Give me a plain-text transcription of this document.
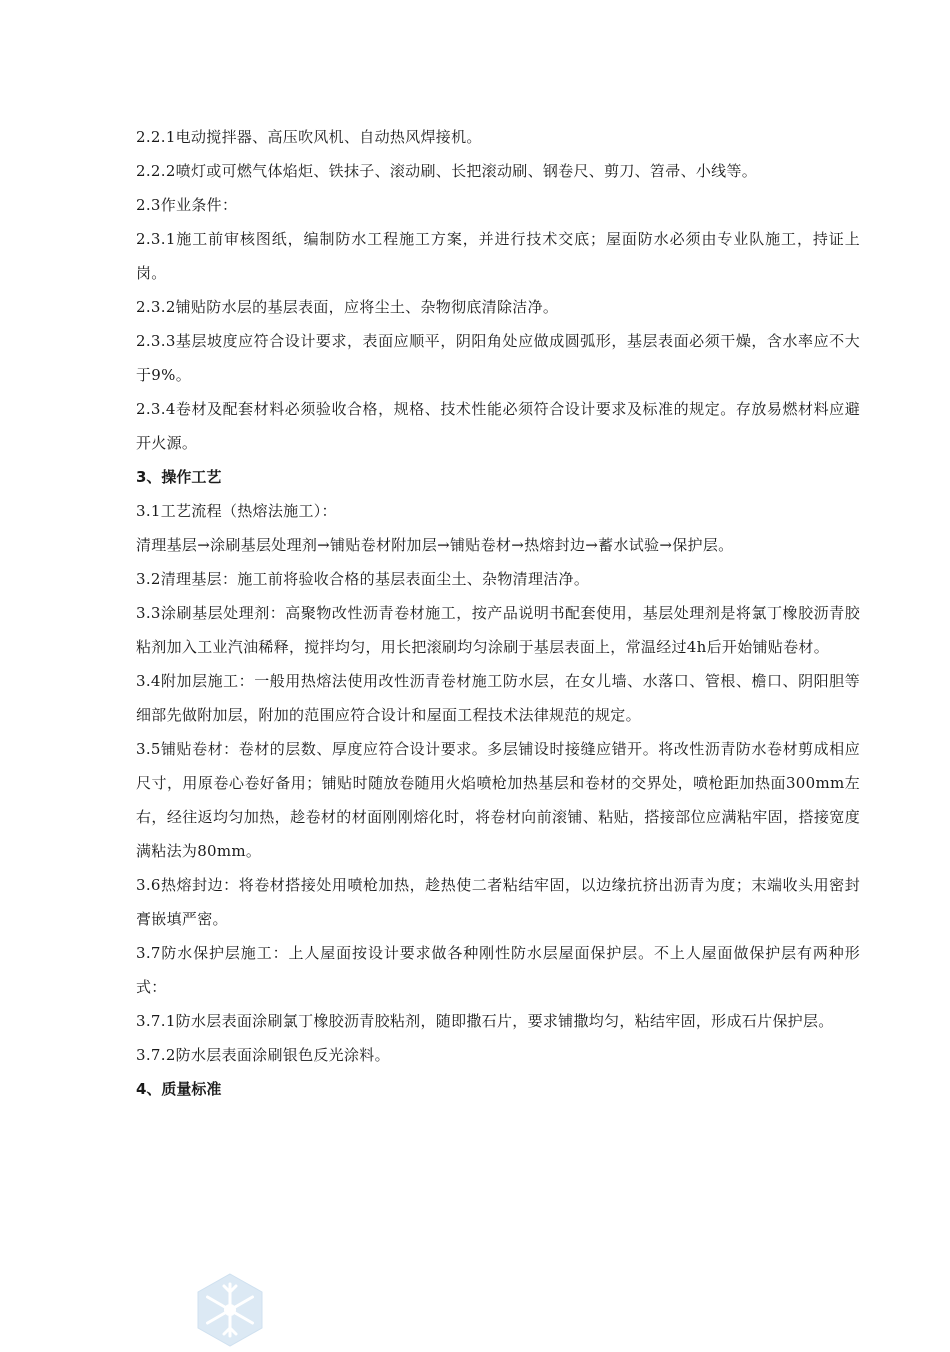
2.2.1电动搅拌器、高压吹风机、自动热风焊接机。

2.2.2喷灯或可燃气体焰炬、铁抹子、滚动刷、长把滚动刷、钢卷尺、剪刀、笤帚、小线等。

2.3作业条件：

2.3.1施工前审核图纸，编制防水工程施工方案，并进行技术交底；屋面防水必须由专业队施工，持证上岗。

2.3.2铺贴防水层的基层表面，应将尘土、杂物彻底清除洁净。

2.3.3基层坡度应符合设计要求，表面应顺平，阴阳角处应做成圆弧形，基层表面必须干燥，含水率应不大于9%。

2.3.4卷材及配套材料必须验收合格，规格、技术性能必须符合设计要求及标准的规定。存放易燃材料应避开火源。

3、操作工艺

3.1工艺流程（热熔法施工）：

清理基层→涂刷基层处理剂→铺贴卷材附加层→铺贴卷材→热熔封边→蓄水试验→保护层。

3.2清理基层：施工前将验收合格的基层表面尘土、杂物清理洁净。

3.3涂刷基层处理剂：高聚物改性沥青卷材施工，按产品说明书配套使用，基层处理剂是将氯丁橡胶沥青胶粘剂加入工业汽油稀释，搅拌均匀，用长把滚刷均匀涂刷于基层表面上，常温经过4h后开始铺贴卷材。

3.4附加层施工：一般用热熔法使用改性沥青卷材施工防水层，在女儿墙、水落口、管根、檐口、阴阳胆等细部先做附加层，附加的范围应符合设计和屋面工程技术法律规范的规定。

3.5铺贴卷材：卷材的层数、厚度应符合设计要求。多层铺设时接缝应错开。将改性沥青防水卷材剪成相应尺寸，用原卷心卷好备用；铺贴时随放卷随用火焰喷枪加热基层和卷材的交界处，喷枪距加热面300mm左右，经往返均匀加热，趁卷材的材面刚刚熔化时，将卷材向前滚铺、粘贴，搭接部位应满粘牢固，搭接宽度满粘法为80mm。

3.6热熔封边：将卷材搭接处用喷枪加热，趁热使二者粘结牢固，以边缘抗挤出沥青为度；末端收头用密封膏嵌填严密。

3.7防水保护层施工：上人屋面按设计要求做各种刚性防水层屋面保护层。不上人屋面做保护层有两种形式：

3.7.1防水层表面涂刷氯丁橡胶沥青胶粘剂，随即撒石片，要求铺撒均匀，粘结牢固，形成石片保护层。

3.7.2防水层表面涂刷银色反光涂料。

4、质量标准
